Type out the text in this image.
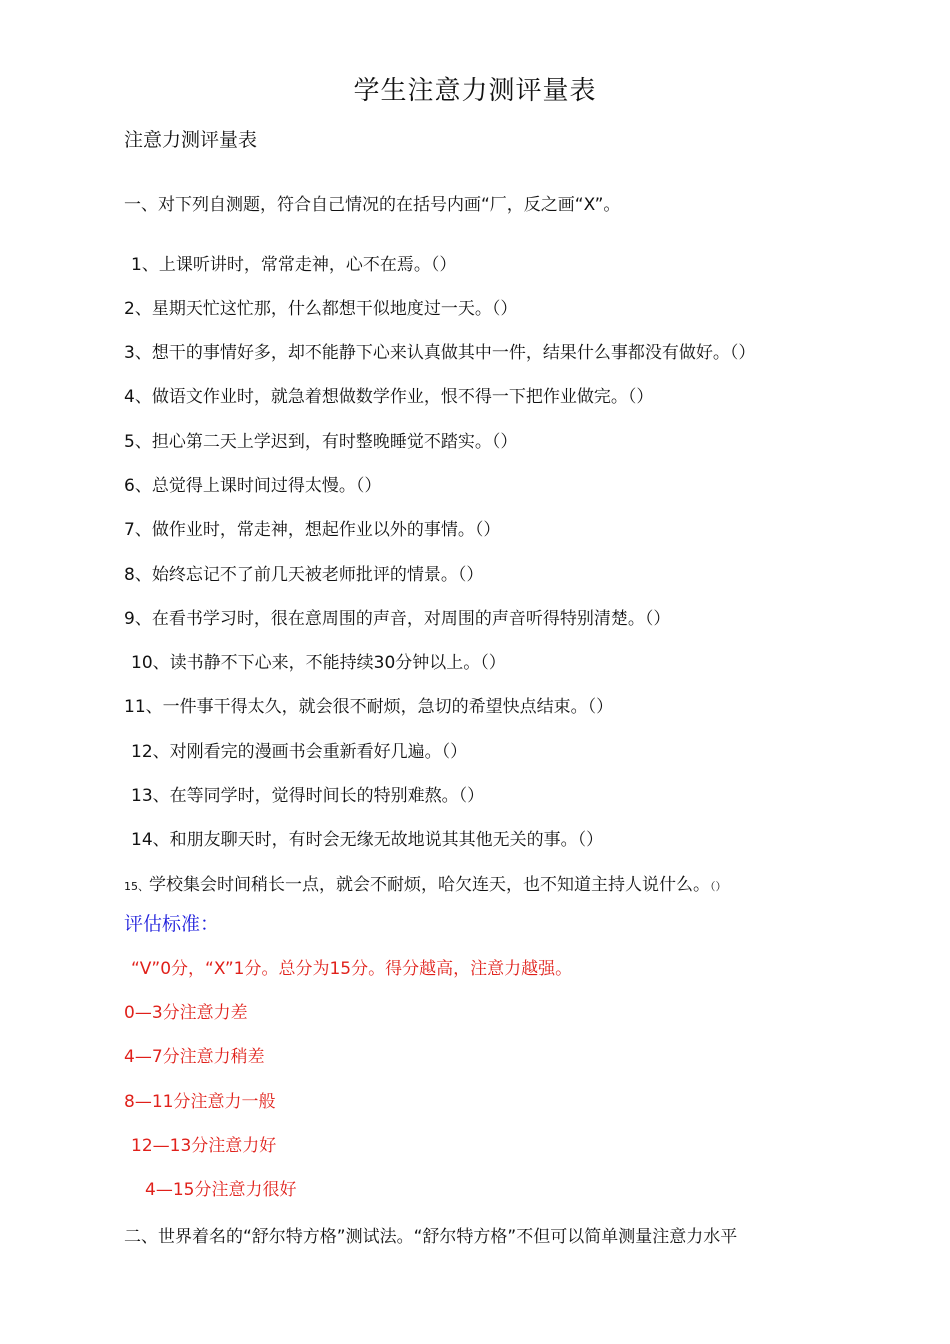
学生注意力测评量表
注意力测评量表
一、对下列自测题，符合自己情况的在括号内画“厂，反之画“X”。
1、上课听讲时，常常走神，心不在焉。（）
2、星期天忙这忙那，什么都想干似地度过一天。（）
3、想干的事情好多，却不能静下心来认真做其中一件，结果什么事都没有做好。（）
4、做语文作业时，就急着想做数学作业，恨不得一下把作业做完。（）
5、担心第二天上学迟到，有时整晚睡觉不踏实。（）
6、总觉得上课时间过得太慢。（）
7、做作业时，常走神，想起作业以外的事情。（）
8、始终忘记不了前几天被老师批评的情景。（）
9、在看书学习时，很在意周围的声音，对周围的声音听得特别清楚。（）
10、读书静不下心来，不能持续30分钟以上。（）
11、一件事干得太久，就会很不耐烦，急切的希望快点结束。（）
12、对刚看完的漫画书会重新看好几遍。（）
13、在等同学时，觉得时间长的特别难熬。（）
14、和朋友聊天时，有时会无缘无故地说其其他无关的事。（）
15、学校集会时间稍长一点，就会不耐烦，哈欠连天，也不知道主持人说什么。（）
评估标准：
“V”0分，“X”1分。总分为15分。得分越高，注意力越强。
0—3分注意力差
4—7分注意力稍差
8—11分注意力一般
12—13分注意力好
4—15分注意力很好
二、世界着名的“舒尔特方格”测试法。“舒尔特方格”不但可以简单测量注意力水平
